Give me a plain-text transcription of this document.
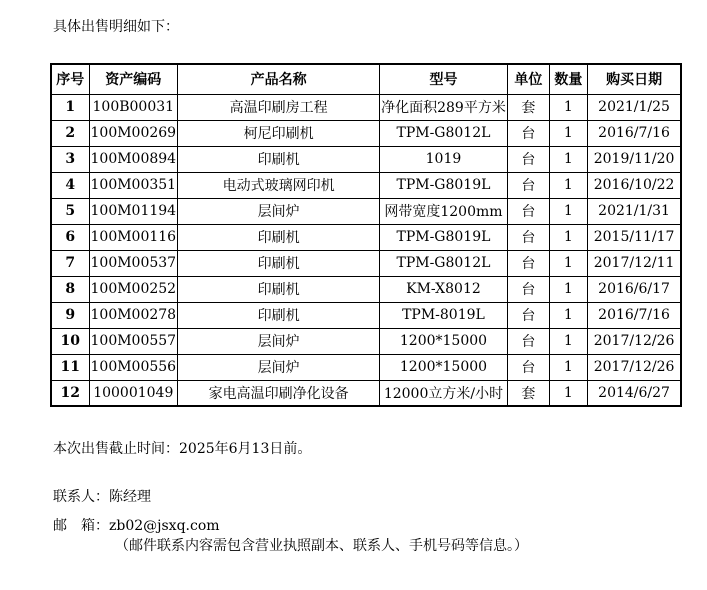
具体出售明细如下：

序号	资产编码	产品名称	型号	单位	数量	购买日期
1	100B00031	高温印刷房工程	净化面积289平方米	套	1	2021/1/25
2	100M00269	柯尼印刷机	TPM-G8012L	台	1	2016/7/16
3	100M00894	印刷机	1019	台	1	2019/11/20
4	100M00351	电动式玻璃网印机	TPM-G8019L	台	1	2016/10/22
5	100M01194	层间炉	网带宽度1200mm	台	1	2021/1/31
6	100M00116	印刷机	TPM-G8019L	台	1	2015/11/17
7	100M00537	印刷机	TPM-G8012L	台	1	2017/12/11
8	100M00252	印刷机	KM-X8012	台	1	2016/6/17
9	100M00278	印刷机	TPM-8019L	台	1	2016/7/16
10	100M00557	层间炉	1200*15000	台	1	2017/12/26
11	100M00556	层间炉	1200*15000	台	1	2017/12/26
12	100001049	家电高温印刷净化设备	12000立方米/小时	套	1	2014/6/27

本次出售截止时间：2025年6月13日前。

联系人：陈经理

邮　箱：zb02@jsxq.com

（邮件联系内容需包含营业执照副本、联系人、手机号码等信息。）
